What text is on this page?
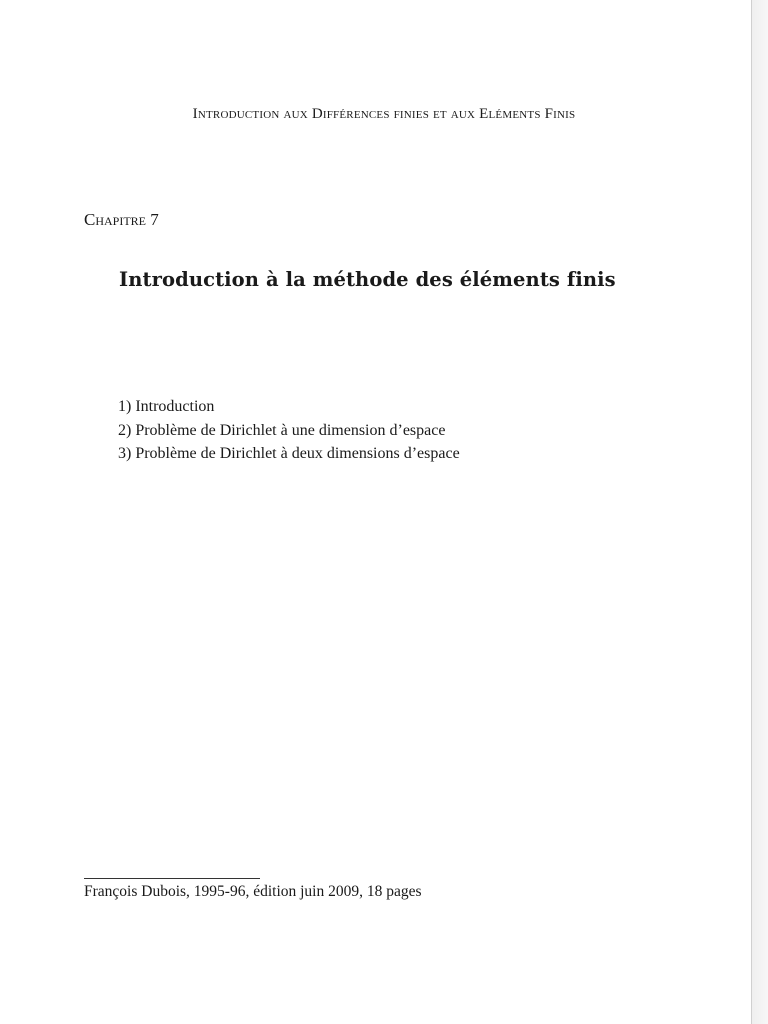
Introduction aux Différences finies et aux Eléments Finis
Chapitre 7
Introduction à la méthode des éléments finis
1) Introduction
2) Problème de Dirichlet à une dimension d’espace
3) Problème de Dirichlet à deux dimensions d’espace
François Dubois, 1995-96, édition juin 2009, 18 pages
